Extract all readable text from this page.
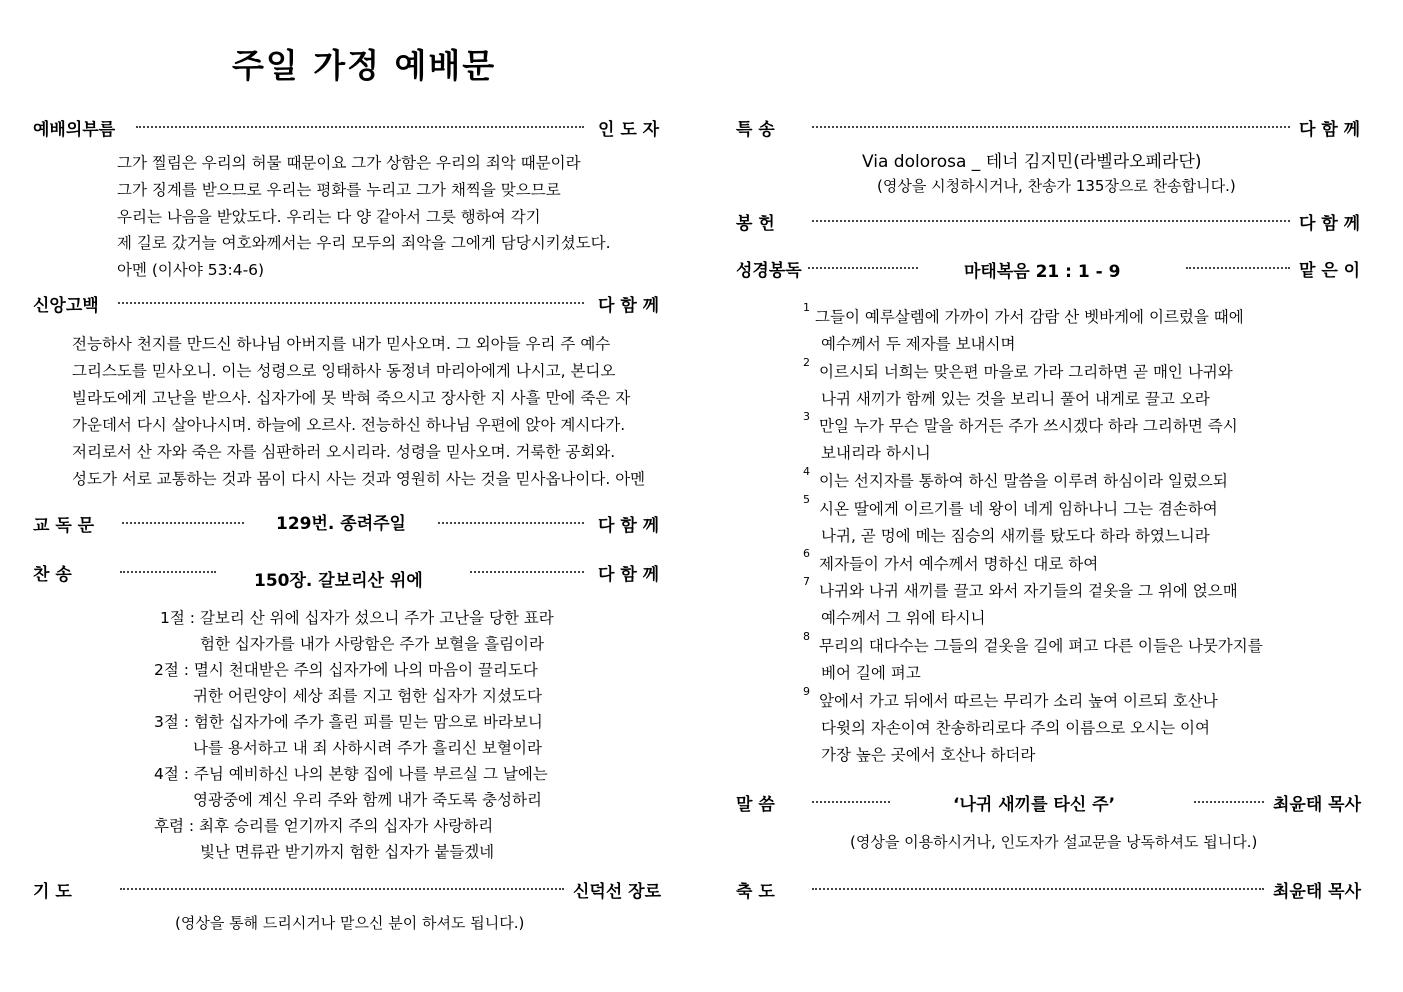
주일 가정 예배문
예배의부름	인 도 자
그가 찔림은 우리의 허물 때문이요 그가 상함은 우리의 죄악 때문이라
그가 징계를 받으므로 우리는 평화를 누리고 그가 채찍을 맞으므로
우리는 나음을 받았도다. 우리는 다 양 같아서 그릇 행하여 각기
제 길로 갔거늘 여호와께서는 우리 모두의 죄악을 그에게 담당시키셨도다.
아멘 (이사야 53:4-6)
신앙고백	다 함 께
전능하사 천지를 만드신 하나님 아버지를 내가 믿사오며. 그 외아들 우리 주 예수
그리스도를 믿사오니. 이는 성령으로 잉태하사 동정녀 마리아에게 나시고, 본디오
빌라도에게 고난을 받으사. 십자가에 못 박혀 죽으시고 장사한 지 사흘 만에 죽은 자
가운데서 다시 살아나시며. 하늘에 오르사. 전능하신 하나님 우편에 앉아 계시다가.
저리로서 산 자와 죽은 자를 심판하러 오시리라. 성령을 믿사오며. 거룩한 공회와.
성도가 서로 교통하는 것과 몸이 다시 사는 것과 영원히 사는 것을 믿사옵나이다. 아멘
교 독 문	129번. 종려주일	다 함 께
찬 송	150장. 갈보리산 위에	다 함 께
1절 : 갈보리 산 위에 십자가 섰으니 주가 고난을 당한 표라
험한 십자가를 내가 사랑함은 주가 보혈을 흘림이라
2절 : 멸시 천대받은 주의 십자가에 나의 마음이 끌리도다
귀한 어린양이 세상 죄를 지고 험한 십자가 지셨도다
3절 : 험한 십자가에 주가 흘린 피를 믿는 맘으로 바라보니
나를 용서하고 내 죄 사하시려 주가 흘리신 보혈이라
4절 : 주님 예비하신 나의 본향 집에 나를 부르실 그 날에는
영광중에 계신 우리 주와 함께 내가 죽도록 충성하리
후렴 : 최후 승리를 얻기까지 주의 십자가 사랑하리
빛난 면류관 받기까지 험한 십자가 붙들겠네
기 도	신덕선 장로
(영상을 통해 드리시거나 맡으신 분이 하셔도 됩니다.)
특 송	다 함 께
Via dolorosa _ 테너 김지민(라벨라오페라단)
(영상을 시청하시거나, 찬송가 135장으로 찬송합니다.)
봉 헌	다 함 께
성경봉독	마태복음 21 : 1 - 9	맡 은 이
1
그들이 예루살렘에 가까이 가서 감람 산 벳바게에 이르렀을 때에
예수께서 두 제자를 보내시며
2
이르시되 너희는 맞은편 마을로 가라 그리하면 곧 매인 나귀와
나귀 새끼가 함께 있는 것을 보리니 풀어 내게로 끌고 오라
3
만일 누가 무슨 말을 하거든 주가 쓰시겠다 하라 그리하면 즉시
보내리라 하시니
4
이는 선지자를 통하여 하신 말씀을 이루려 하심이라 일렀으되
5
시온 딸에게 이르기를 네 왕이 네게 임하나니 그는 겸손하여
나귀, 곧 멍에 메는 짐승의 새끼를 탔도다 하라 하였느니라
6
제자들이 가서 예수께서 명하신 대로 하여
7
나귀와 나귀 새끼를 끌고 와서 자기들의 겉옷을 그 위에 얹으매
예수께서 그 위에 타시니
8
무리의 대다수는 그들의 겉옷을 길에 펴고 다른 이들은 나뭇가지를
베어 길에 펴고
9
앞에서 가고 뒤에서 따르는 무리가 소리 높여 이르되 호산나
다윗의 자손이여 찬송하리로다 주의 이름으로 오시는 이여
가장 높은 곳에서 호산나 하더라
말 씀	‘나귀 새끼를 타신 주’	최윤태 목사
(영상을 이용하시거나, 인도자가 설교문을 낭독하셔도 됩니다.)
축 도	최윤태 목사
